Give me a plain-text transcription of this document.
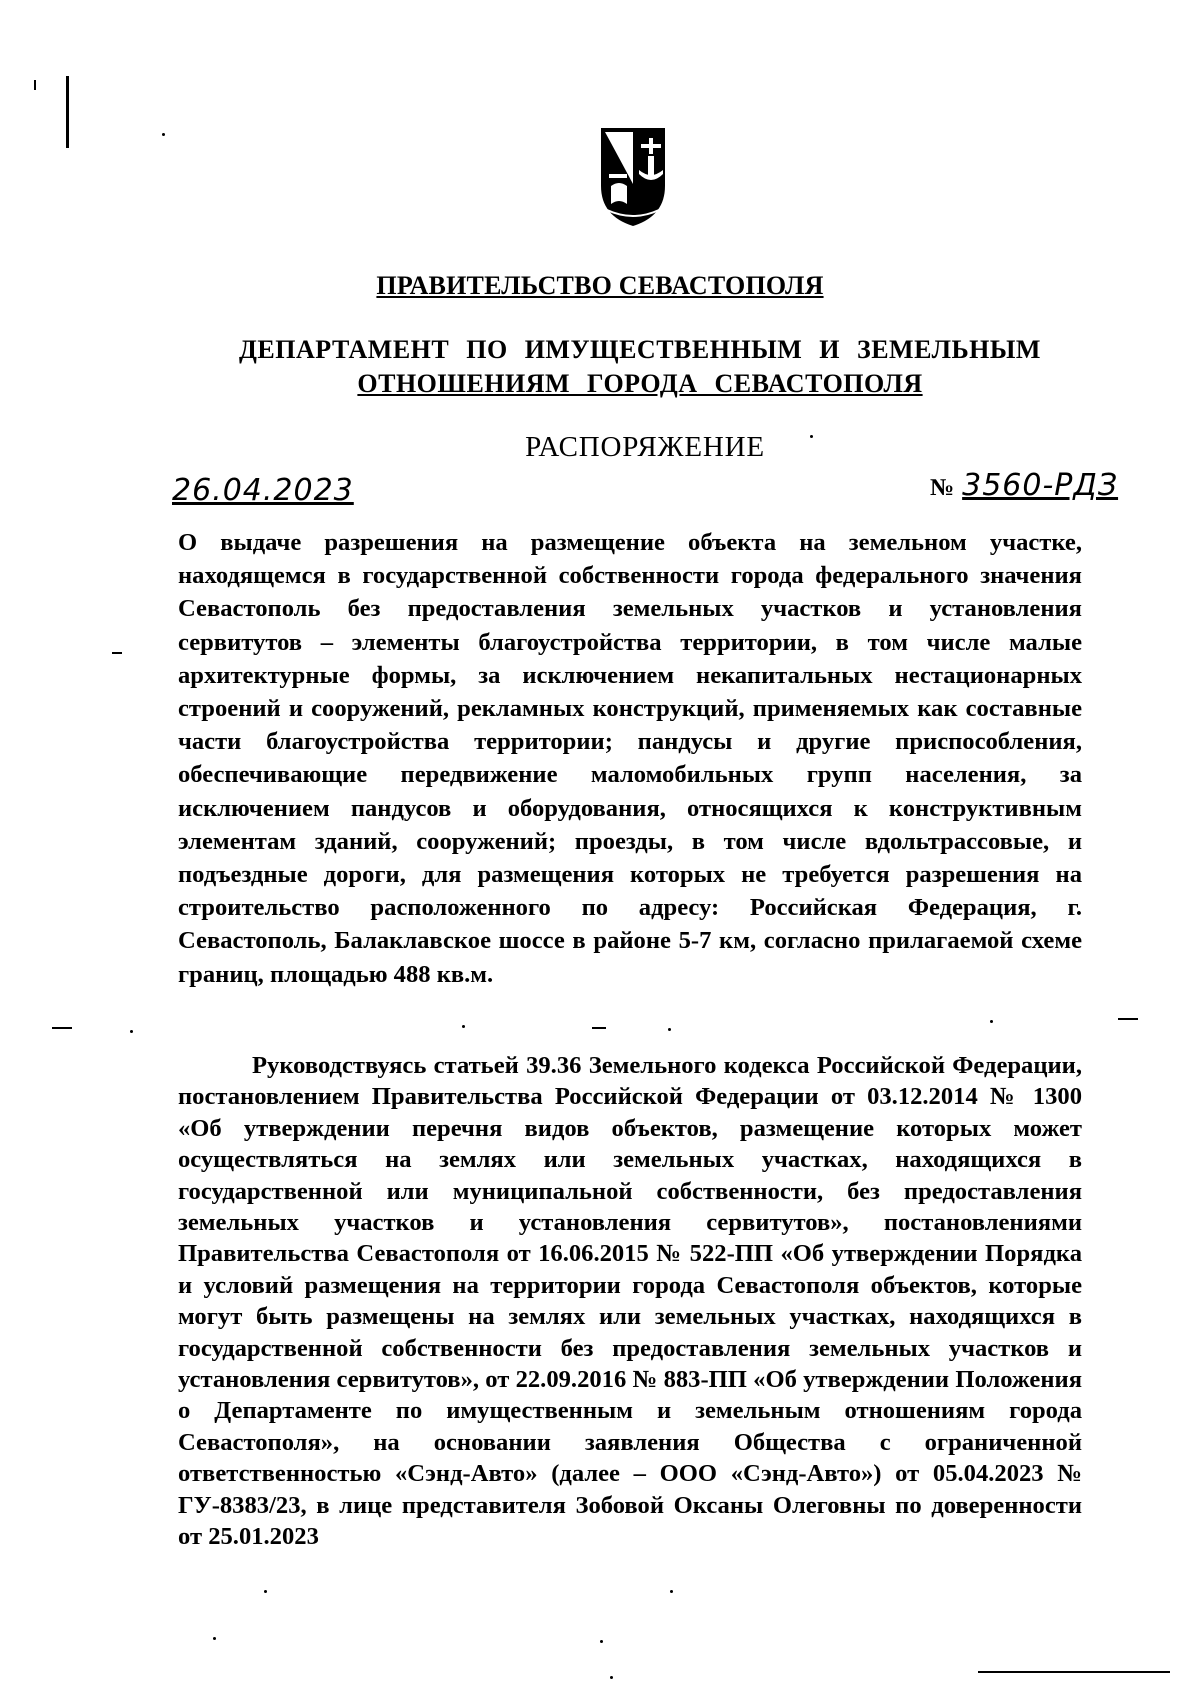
ПРАВИТЕЛЬСТВО СЕВАСТОПОЛЯ
ДЕПАРТАМЕНТ ПО ИМУЩЕСТВЕННЫМ И ЗЕМЕЛЬНЫМ
ОТНОШЕНИЯМ ГОРОДА СЕВАСТОПОЛЯ
РАСПОРЯЖЕНИЕ
26.04.2023	№ 3560-РДЗ
О выдаче разрешения на размещение объекта на земельном участке, находящемся в государственной собственности города федерального значения Севастополь без предоставления земельных участков и установления сервитутов – элементы благоустройства территории, в том числе малые архитектурные формы, за исключением некапитальных нестационарных строений и сооружений, рекламных конструкций, применяемых как составные части благоустройства территории; пандусы и другие приспособления, обеспечивающие передвижение маломобильных групп населения, за исключением пандусов и оборудования, относящихся к конструктивным элементам зданий, сооружений; проезды, в том числе вдольтрассовые, и подъездные дороги, для размещения которых не требуется разрешения на строительство расположенного по адресу: Российская Федерация, г. Севастополь, Балаклавское шоссе в районе 5-7 км, согласно прилагаемой схеме границ, площадью 488 кв.м.
Руководствуясь статьей 39.36 Земельного кодекса Российской Федерации, постановлением Правительства Российской Федерации от 03.12.2014 № 1300 «Об утверждении перечня видов объектов, размещение которых может осуществляться на землях или земельных участках, находящихся в государственной или муниципальной собственности, без предоставления земельных участков и установления сервитутов», постановлениями Правительства Севастополя от 16.06.2015 № 522-ПП «Об утверждении Порядка и условий размещения на территории города Севастополя объектов, которые могут быть размещены на землях или земельных участках, находящихся в государственной собственности без предоставления земельных участков и установления сервитутов», от 22.09.2016 № 883-ПП «Об утверждении Положения о Департаменте по имущественным и земельным отношениям города Севастополя», на основании заявления Общества с ограниченной ответственностью «Сэнд-Авто» (далее – ООО «Сэнд-Авто») от 05.04.2023 № ГУ-8383/23, в лице представителя Зобовой Оксаны Олеговны по доверенности от 25.01.2023
